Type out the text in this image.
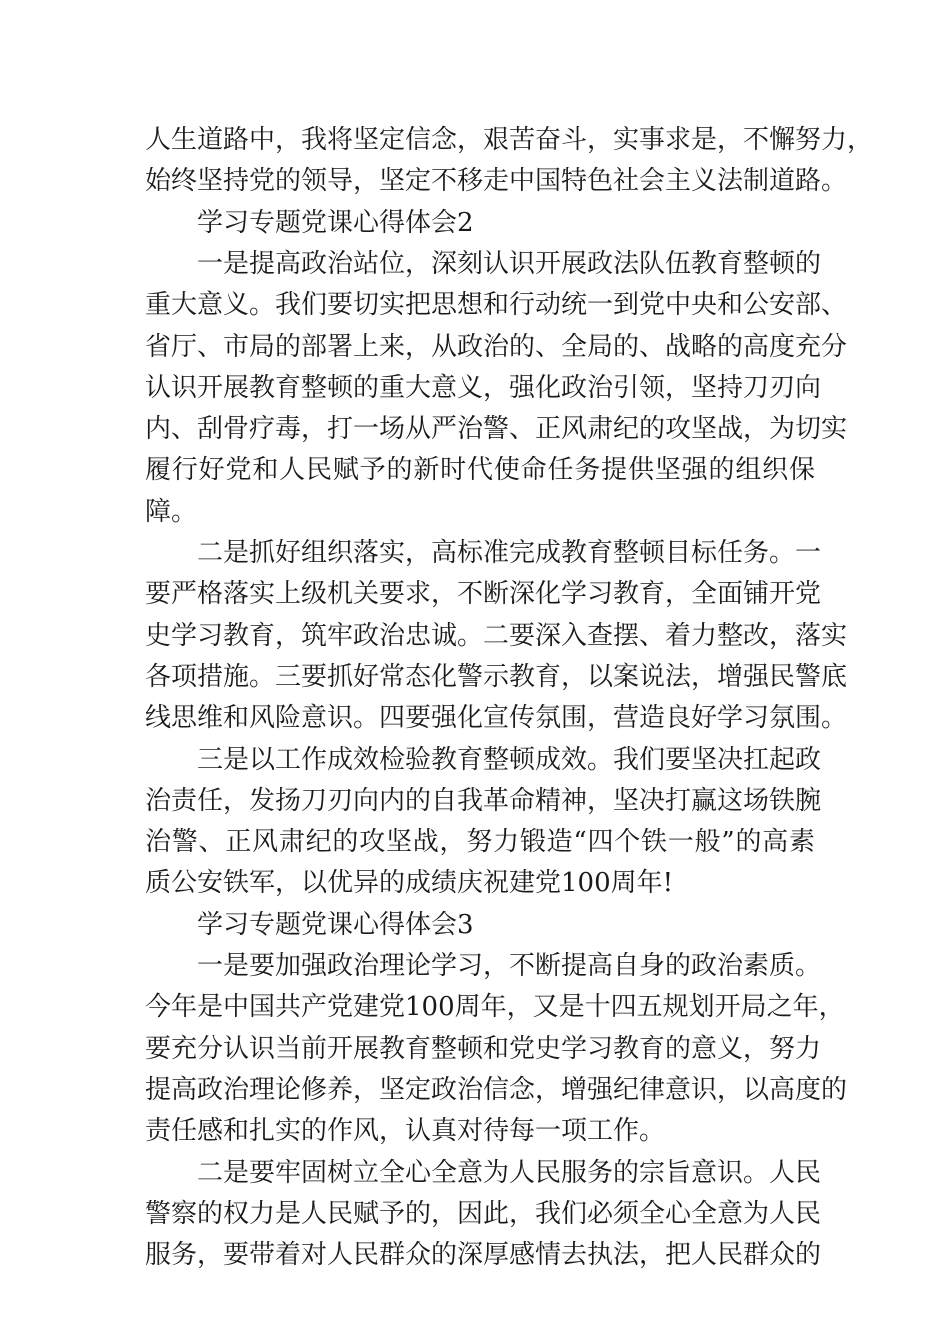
人生道路中，我将坚定信念，艰苦奋斗，实事求是，不懈努力，
始终坚持党的领导，坚定不移走中国特色社会主义法制道路。
学习专题党课心得体会2
一是提高政治站位，深刻认识开展政法队伍教育整顿的
重大意义。我们要切实把思想和行动统一到党中央和公安部、
省厅、市局的部署上来，从政治的、全局的、战略的高度充分
认识开展教育整顿的重大意义，强化政治引领，坚持刀刃向
内、刮骨疗毒，打一场从严治警、正风肃纪的攻坚战，为切实
履行好党和人民赋予的新时代使命任务提供坚强的组织保
障。
二是抓好组织落实，高标准完成教育整顿目标任务。一
要严格落实上级机关要求，不断深化学习教育，全面铺开党
史学习教育，筑牢政治忠诚。二要深入查摆、着力整改，落实
各项措施。三要抓好常态化警示教育，以案说法，增强民警底
线思维和风险意识。四要强化宣传氛围，营造良好学习氛围。
三是以工作成效检验教育整顿成效。我们要坚决扛起政
治责任，发扬刀刃向内的自我革命精神，坚决打赢这场铁腕
治警、正风肃纪的攻坚战，努力锻造“四个铁一般”的高素
质公安铁军，以优异的成绩庆祝建党100周年!
学习专题党课心得体会3
一是要加强政治理论学习，不断提高自身的政治素质。
今年是中国共产党建党100周年，又是十四五规划开局之年，
要充分认识当前开展教育整顿和党史学习教育的意义，努力
提高政治理论修养，坚定政治信念，增强纪律意识，以高度的
责任感和扎实的作风，认真对待每一项工作。
二是要牢固树立全心全意为人民服务的宗旨意识。人民
警察的权力是人民赋予的，因此，我们必须全心全意为人民
服务，要带着对人民群众的深厚感情去执法，把人民群众的
